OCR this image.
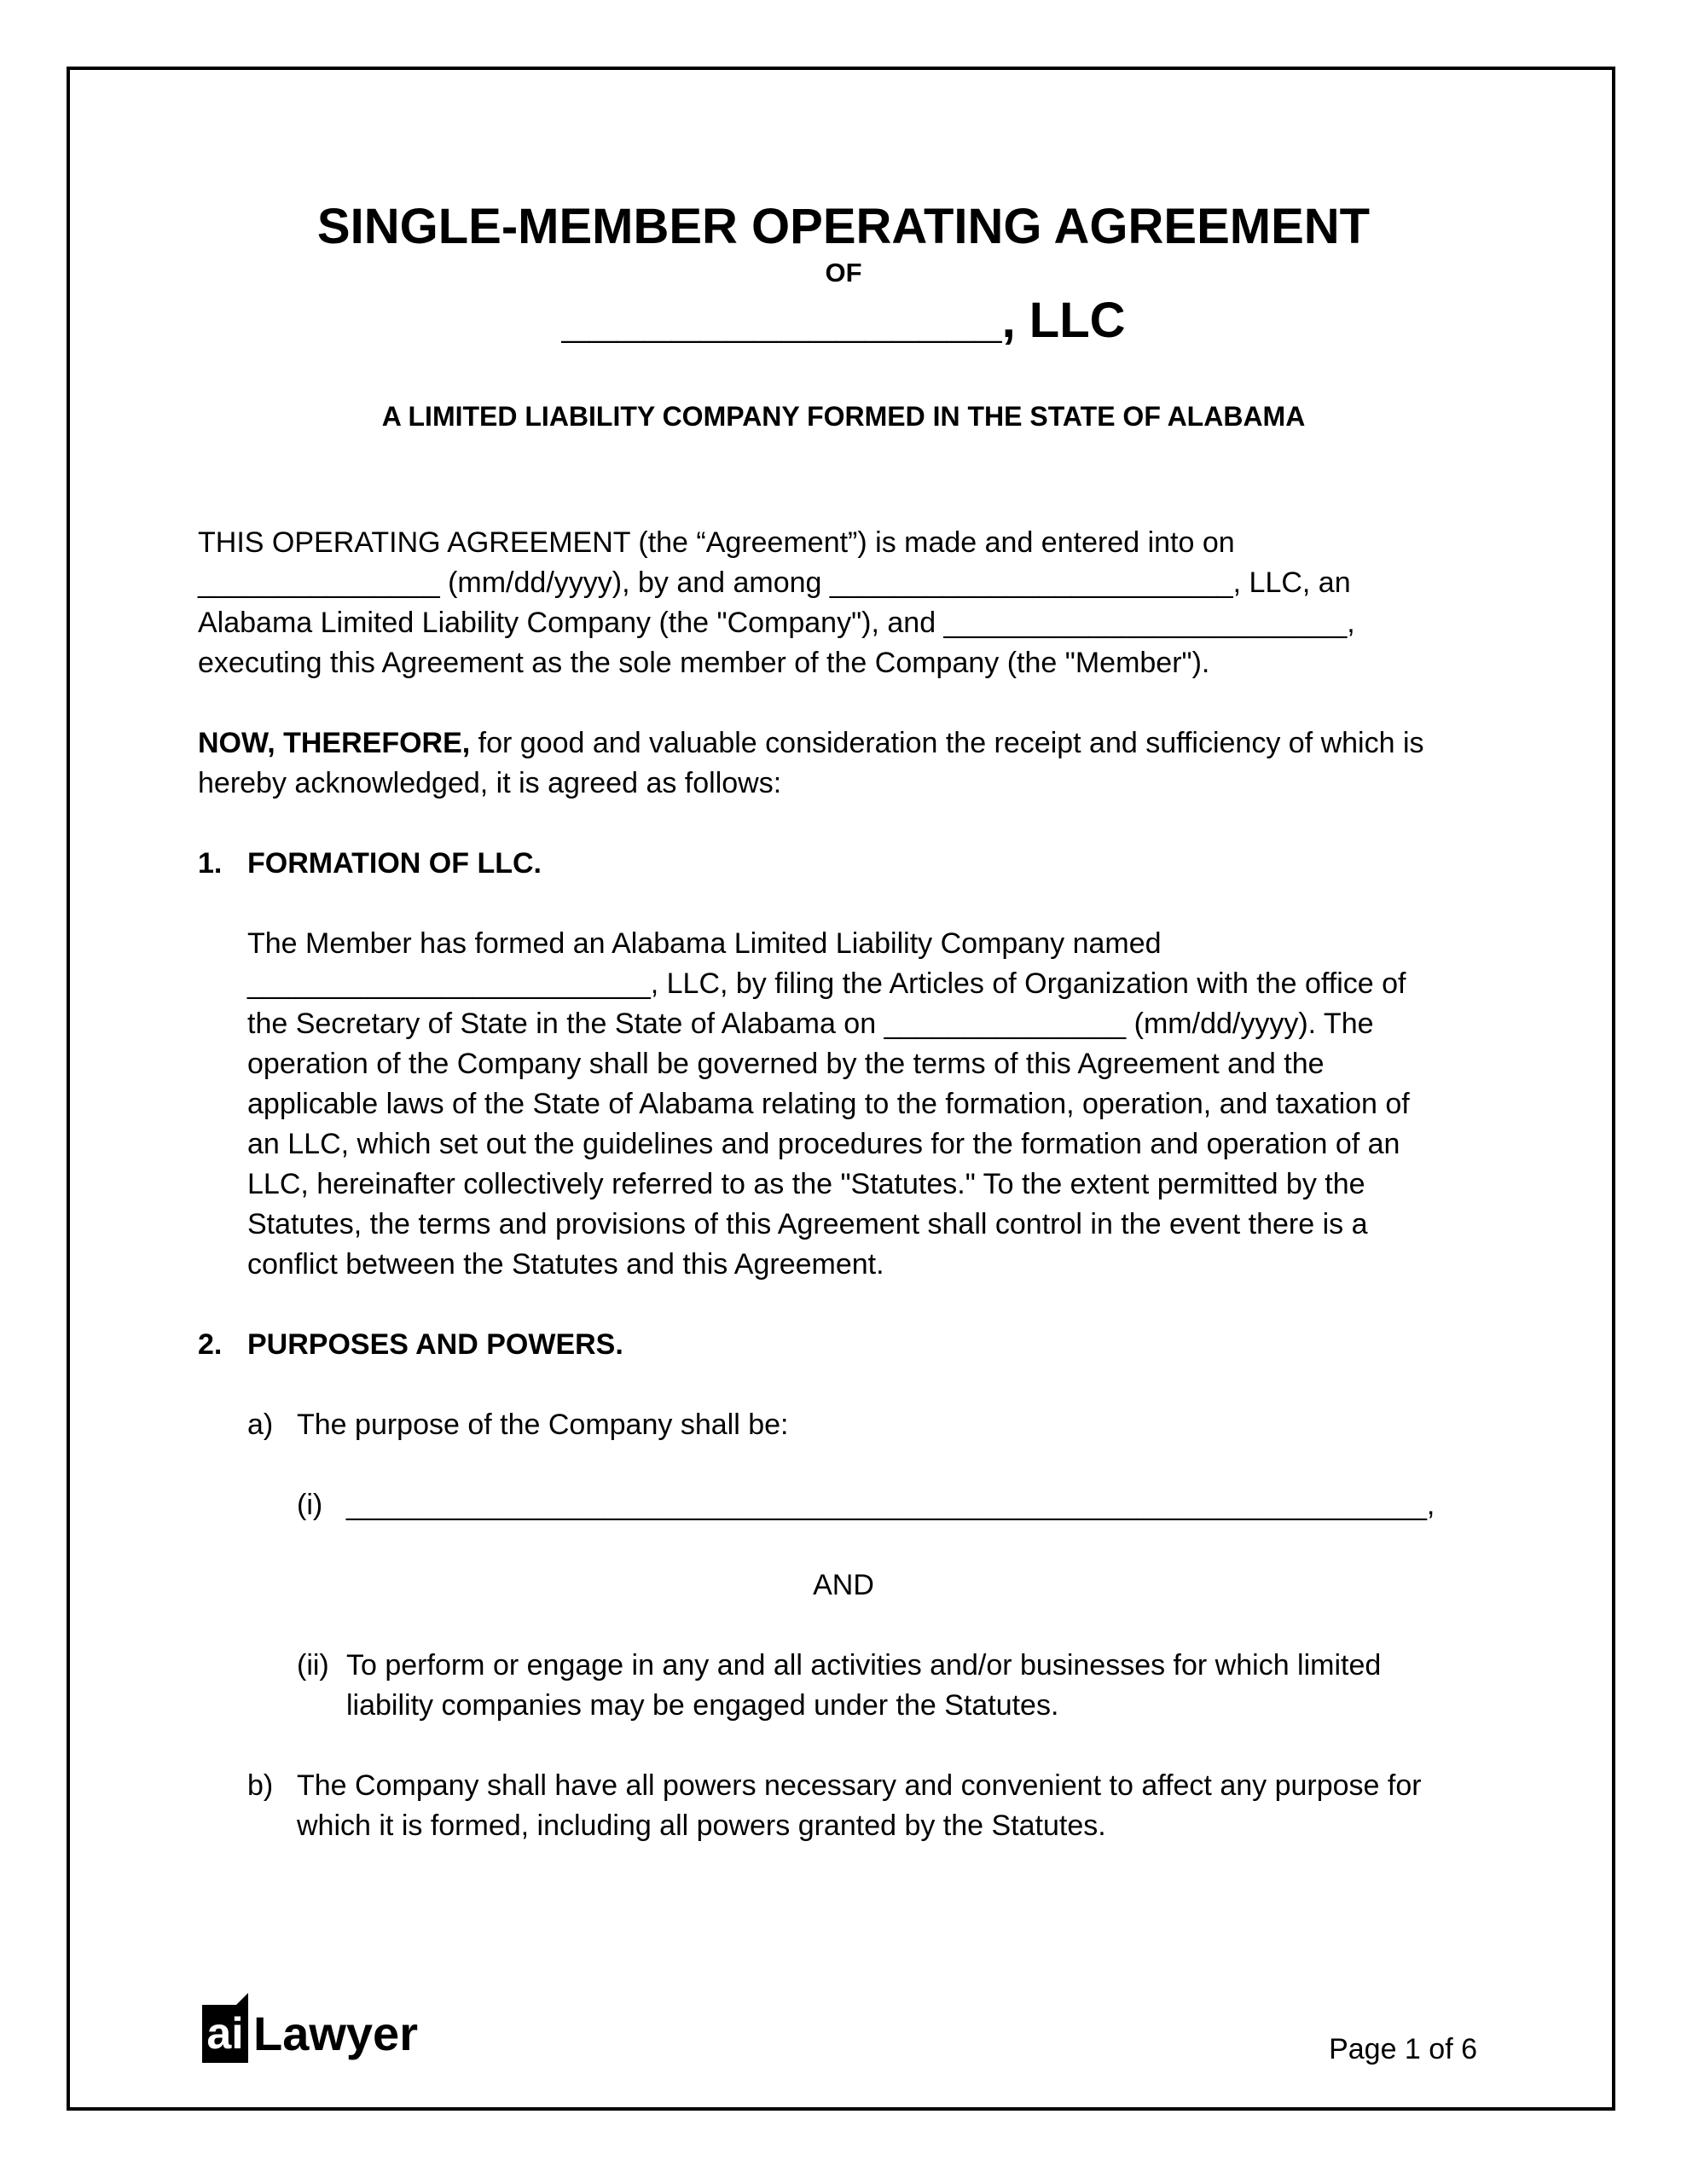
SINGLE-MEMBER OPERATING AGREEMENT
OF
________________, LLC
A LIMITED LIABILITY COMPANY FORMED IN THE STATE OF ALABAMA
THIS OPERATING AGREEMENT (the “Agreement”) is made and entered into on
_______________ (mm/dd/yyyy), by and among _________________________, LLC, an
Alabama Limited Liability Company (the "Company"), and _________________________,
executing this Agreement as the sole member of the Company (the "Member").
NOW, THEREFORE, for good and valuable consideration the receipt and sufficiency of which is
hereby acknowledged, it is agreed as follows:
1. FORMATION OF LLC.
The Member has formed an Alabama Limited Liability Company named
_________________________, LLC, by filing the Articles of Organization with the office of
the Secretary of State in the State of Alabama on _______________ (mm/dd/yyyy). The
operation of the Company shall be governed by the terms of this Agreement and the
applicable laws of the State of Alabama relating to the formation, operation, and taxation of
an LLC, which set out the guidelines and procedures for the formation and operation of an
LLC, hereinafter collectively referred to as the "Statutes." To the extent permitted by the
Statutes, the terms and provisions of this Agreement shall control in the event there is a
conflict between the Statutes and this Agreement.
2. PURPOSES AND POWERS.
a) The purpose of the Company shall be:
(i) ___________________________________________________________________,
AND
(ii) To perform or engage in any and all activities and/or businesses for which limited
liability companies may be engaged under the Statutes.
b) The Company shall have all powers necessary and convenient to affect any purpose for
which it is formed, including all powers granted by the Statutes.
ai Lawyer	Page 1 of 6
